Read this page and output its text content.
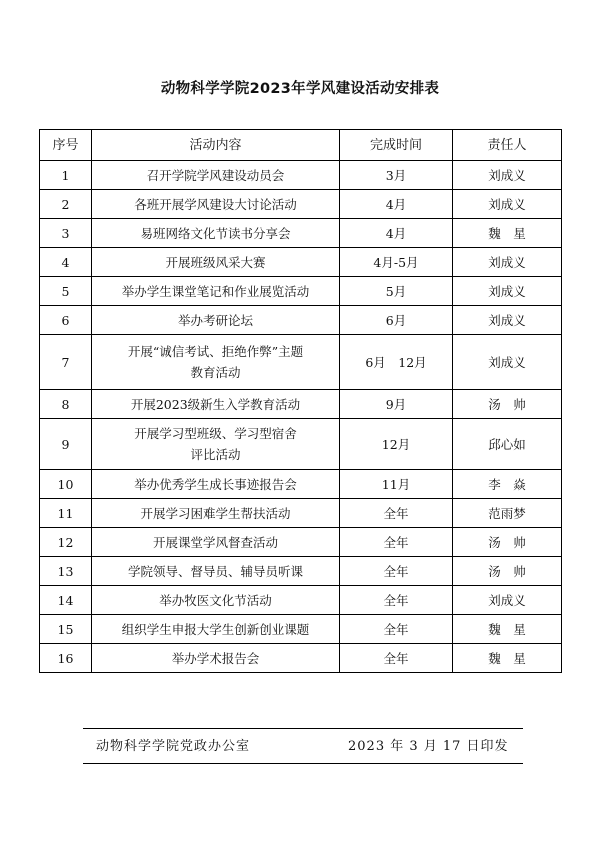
动物科学学院2023年学风建设活动安排表
序号	活动内容	完成时间	责任人
1	召开学院学风建设动员会	3月	刘成义
2	各班开展学风建设大讨论活动	4月	刘成义
3	易班网络文化节读书分享会	4月	魏　星
4	开展班级风采大赛	4月-5月	刘成义
5	举办学生课堂笔记和作业展览活动	5月	刘成义
6	举办考研论坛	6月	刘成义
7	开展“诚信考试、拒绝作弊”主题
教育活动	6月　12月	刘成义
8	开展2023级新生入学教育活动	9月	汤　帅
9	开展学习型班级、学习型宿舍
评比活动	12月	邱心如
10	举办优秀学生成长事迹报告会	11月	李　焱
11	开展学习困难学生帮扶活动	全年	范雨梦
12	开展课堂学风督查活动	全年	汤　帅
13	学院领导、督导员、辅导员听课	全年	汤　帅
14	举办牧医文化节活动	全年	刘成义
15	组织学生申报大学生创新创业课题	全年	魏　星
16	举办学术报告会	全年	魏　星
动物科学学院党政办公室	2023 年 3 月 17 日印发
